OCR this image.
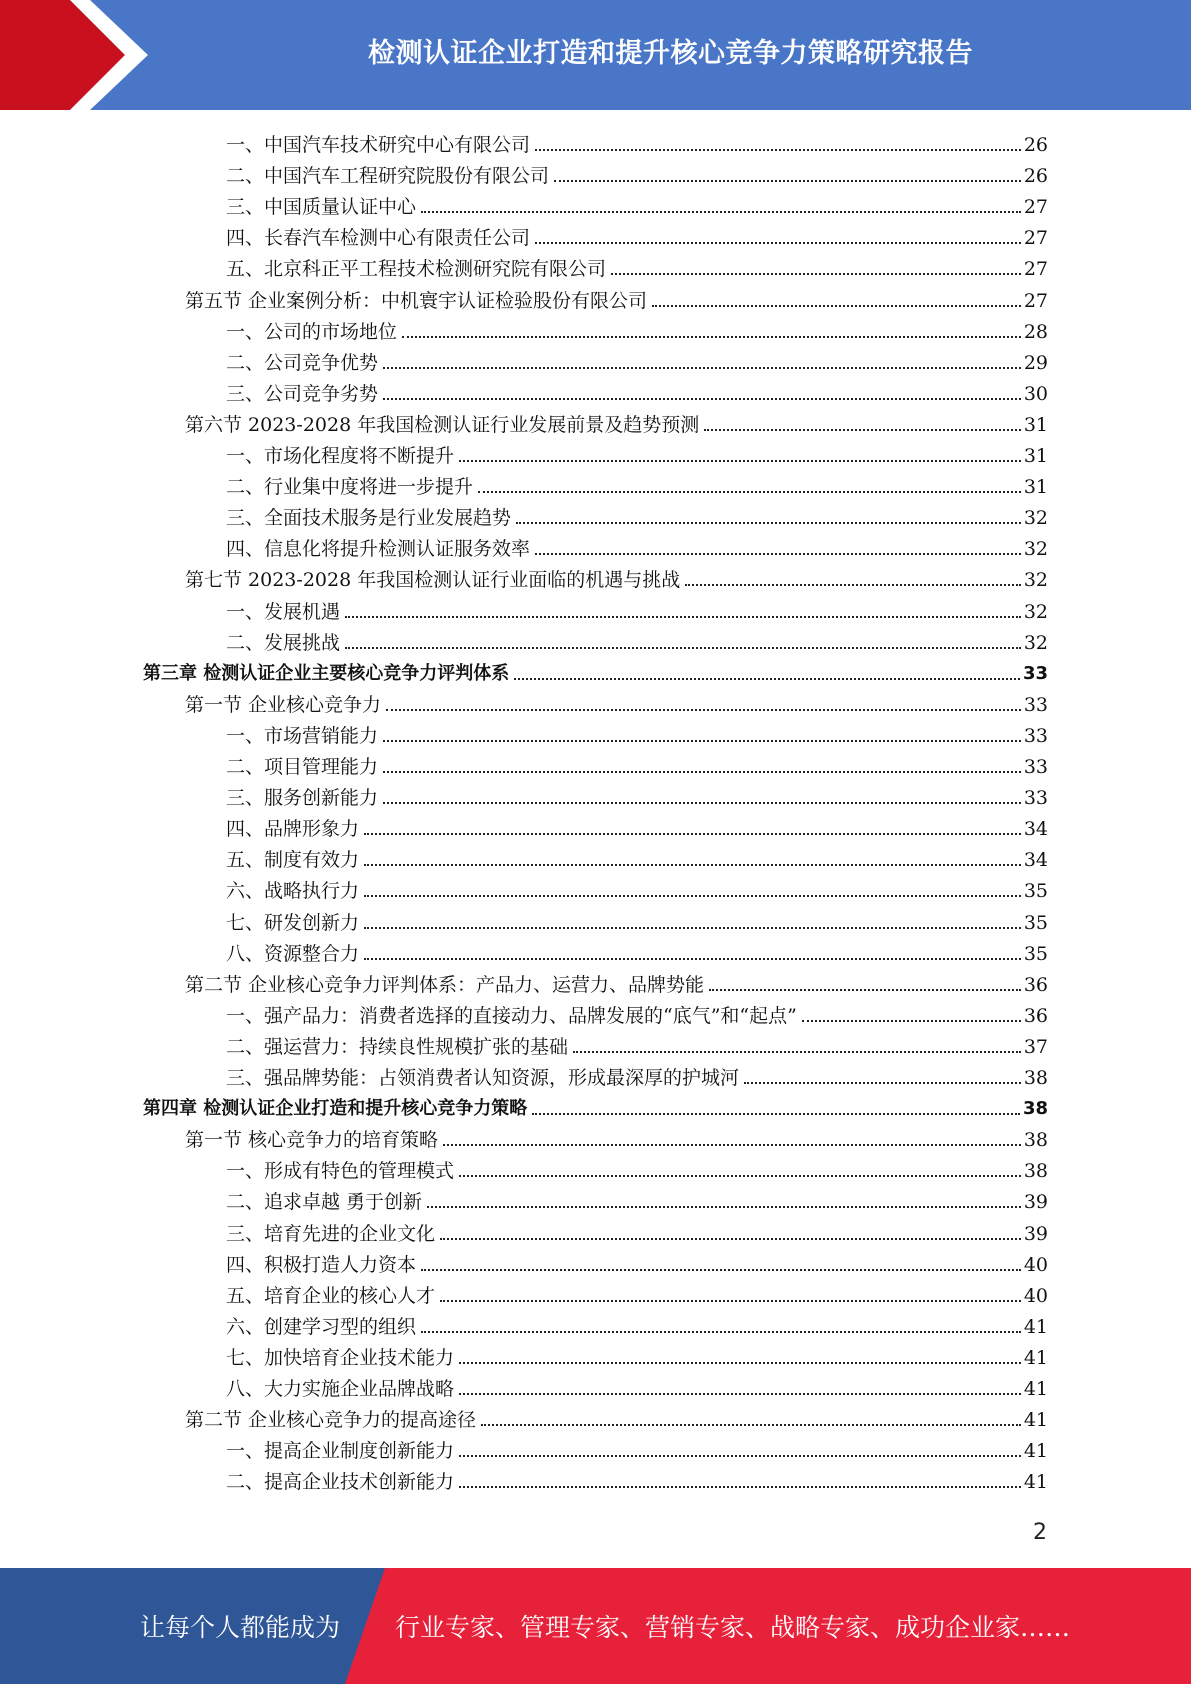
检测认证企业打造和提升核心竞争力策略研究报告
一、中国汽车技术研究中心有限公司	26
二、中国汽车工程研究院股份有限公司	26
三、中国质量认证中心	27
四、长春汽车检测中心有限责任公司	27
五、北京科正平工程技术检测研究院有限公司	27
第五节 企业案例分析：中机寰宇认证检验股份有限公司	27
一、公司的市场地位	28
二、公司竞争优势	29
三、公司竞争劣势	30
第六节 2023-2028 年我国检测认证行业发展前景及趋势预测	31
一、市场化程度将不断提升	31
二、行业集中度将进一步提升	31
三、全面技术服务是行业发展趋势	32
四、信息化将提升检测认证服务效率	32
第七节 2023-2028 年我国检测认证行业面临的机遇与挑战	32
一、发展机遇	32
二、发展挑战	32
第三章 检测认证企业主要核心竞争力评判体系	33
第一节 企业核心竞争力	33
一、市场营销能力	33
二、项目管理能力	33
三、服务创新能力	33
四、品牌形象力	34
五、制度有效力	34
六、战略执行力	35
七、研发创新力	35
八、资源整合力	35
第二节 企业核心竞争力评判体系：产品力、运营力、品牌势能	36
一、强产品力：消费者选择的直接动力、品牌发展的“底气”和“起点”	36
二、强运营力：持续良性规模扩张的基础	37
三、强品牌势能：占领消费者认知资源，形成最深厚的护城河	38
第四章 检测认证企业打造和提升核心竞争力策略	38
第一节 核心竞争力的培育策略	38
一、形成有特色的管理模式	38
二、追求卓越 勇于创新	39
三、培育先进的企业文化	39
四、积极打造人力资本	40
五、培育企业的核心人才	40
六、创建学习型的组织	41
七、加快培育企业技术能力	41
八、大力实施企业品牌战略	41
第二节 企业核心竞争力的提高途径	41
一、提高企业制度创新能力	41
二、提高企业技术创新能力	41
2
让每个人都能成为 行业专家、管理专家、营销专家、战略专家、成功企业家……
